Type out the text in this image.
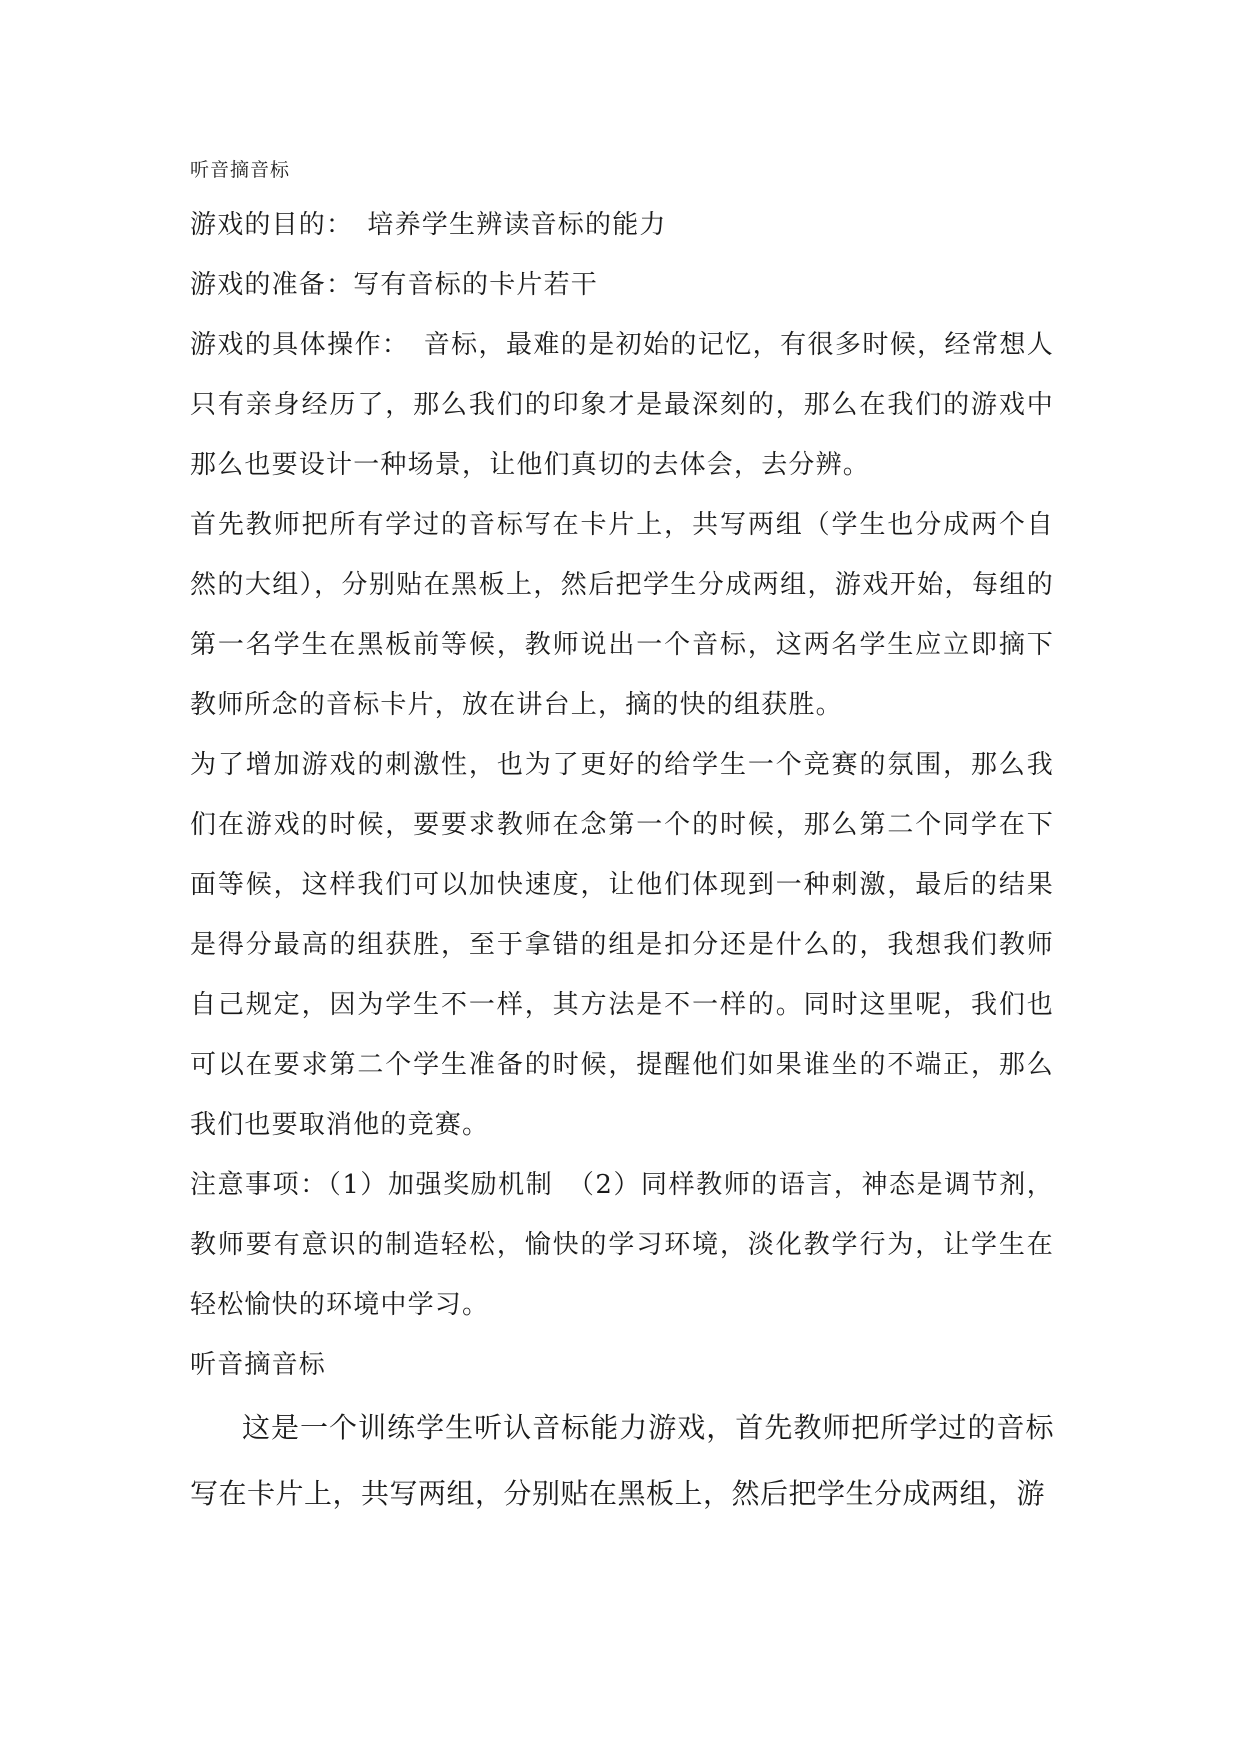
听音摘音标

游戏的目的：　培养学生辨读音标的能力

游戏的准备：写有音标的卡片若干

游戏的具体操作：　音标，最难的是初始的记忆，有很多时候，经常想人只有亲身经历了，那么我们的印象才是最深刻的，那么在我们的游戏中那么也要设计一种场景，让他们真切的去体会，去分辨。

首先教师把所有学过的音标写在卡片上，共写两组（学生也分成两个自然的大组），分别贴在黑板上，然后把学生分成两组，游戏开始，每组的第一名学生在黑板前等候，教师说出一个音标，这两名学生应立即摘下教师所念的音标卡片，放在讲台上，摘的快的组获胜。

为了增加游戏的刺激性，也为了更好的给学生一个竞赛的氛围，那么我们在游戏的时候，要要求教师在念第一个的时候，那么第二个同学在下面等候，这样我们可以加快速度，让他们体现到一种刺激，最后的结果是得分最高的组获胜，至于拿错的组是扣分还是什么的，我想我们教师自己规定，因为学生不一样，其方法是不一样的。同时这里呢，我们也可以在要求第二个学生准备的时候，提醒他们如果谁坐的不端正，那么我们也要取消他的竞赛。

注意事项：（1）加强奖励机制　（2）同样教师的语言，神态是调节剂，教师要有意识的制造轻松，愉快的学习环境，淡化教学行为，让学生在轻松愉快的环境中学习。

听音摘音标

这是一个训练学生听认音标能力游戏，首先教师把所学过的音标写在卡片上，共写两组，分别贴在黑板上，然后把学生分成两组，游
